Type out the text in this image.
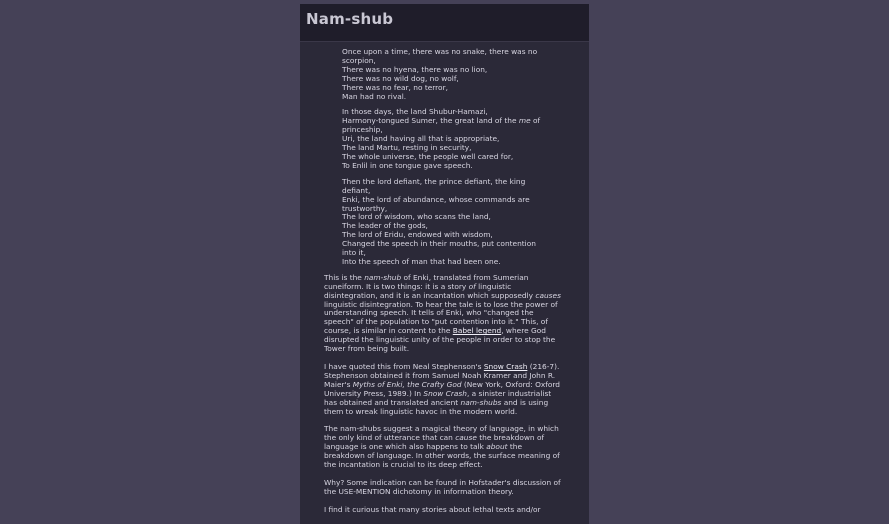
Nam-shub
Once upon a time, there was no snake, there was no
scorpion,
There was no hyena, there was no lion,
There was no wild dog, no wolf,
There was no fear, no terror,
Man had no rival.
In those days, the land Shubur-Hamazi,
Harmony-tongued Sumer, the great land of the me of
princeship,
Uri, the land having all that is appropriate,
The land Martu, resting in security,
The whole universe, the people well cared for,
To Enlil in one tongue gave speech.
Then the lord defiant, the prince defiant, the king
defiant,
Enki, the lord of abundance, whose commands are
trustworthy,
The lord of wisdom, who scans the land,
The leader of the gods,
The lord of Eridu, endowed with wisdom,
Changed the speech in their mouths, put contention
into it,
Into the speech of man that had been one.

This is the nam-shub of Enki, translated from Sumerian cuneiform. It is two things: it is a story of linguistic disintegration, and it is an incantation which supposedly causes linguistic disintegration. To hear the tale is to lose the power of understanding speech. It tells of Enki, who "changed the speech" of the population to "put contention into it." This, of course, is similar in content to the Babel legend, where God disrupted the linguistic unity of the people in order to stop the Tower from being built.

I have quoted this from Neal Stephenson's Snow Crash (216-7). Stephenson obtained it from Samuel Noah Kramer and John R. Maier's Myths of Enki, the Crafty God (New York, Oxford: Oxford University Press, 1989.) In Snow Crash, a sinister industrialist has obtained and translated ancient nam-shubs and is using them to wreak linguistic havoc in the modern world.

The nam-shubs suggest a magical theory of language, in which the only kind of utterance that can cause the breakdown of language is one which also happens to talk about the breakdown of language. In other words, the surface meaning of the incantation is crucial to its deep effect.

Why? Some indication can be found in Hofstader's discussion of the USE-MENTION dichotomy in information theory.

I find it curious that many stories about lethal texts and/or
